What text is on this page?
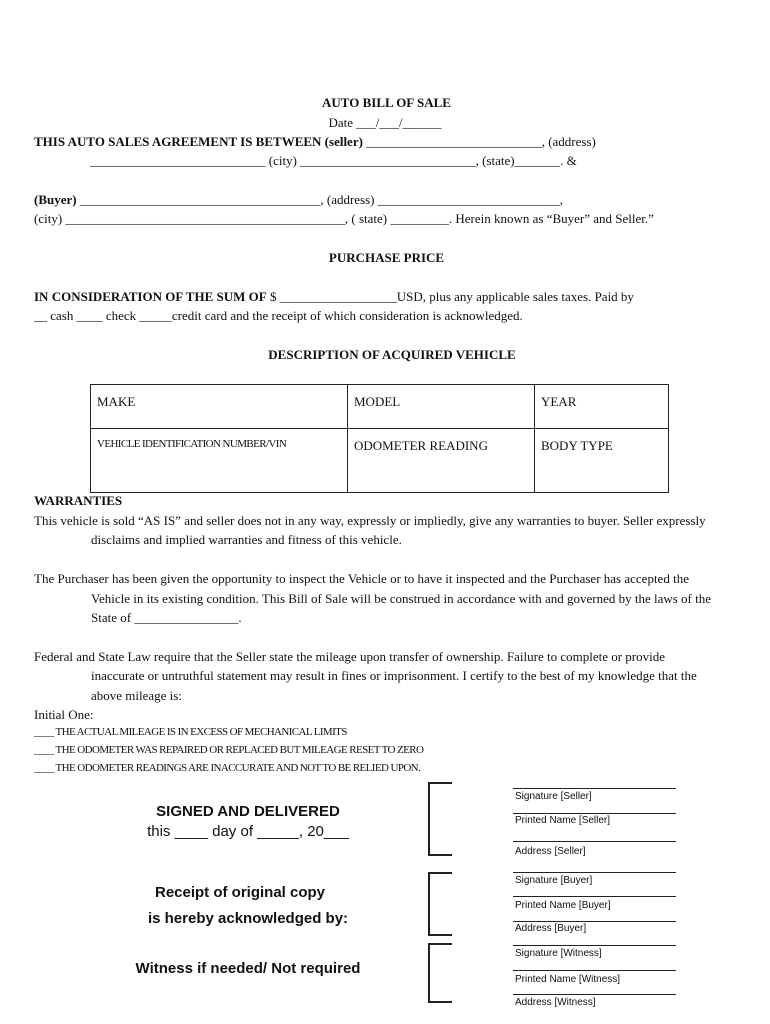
AUTO BILL OF SALE
Date ___/___/______
THIS AUTO SALES AGREEMENT IS BETWEEN (seller) ___________________________, (address)
___________________________ (city) ___________________________, (state)_______. &
(Buyer) _____________________________________, (address) ____________________________,
(city) ___________________________________________, ( state) _________. Herein known as “Buyer” and Seller.”
PURCHASE PRICE
IN CONSIDERATION OF THE SUM OF $ __________________USD, plus any applicable sales taxes. Paid by
__ cash ____ check _____credit card and the receipt of which consideration is acknowledged.
DESCRIPTION OF ACQUIRED VEHICLE
MAKE	MODEL	YEAR
VEHICLE IDENTIFICATION NUMBER/VIN	ODOMETER READING	BODY TYPE
WARRANTIES
This vehicle is sold “AS IS” and seller does not in any way, expressly or impliedly, give any warranties to buyer. Seller expressly
disclaims and implied warranties and fitness of this vehicle.
The Purchaser has been given the opportunity to inspect the Vehicle or to have it inspected and the Purchaser has accepted the
Vehicle in its existing condition. This Bill of Sale will be construed in accordance with and governed by the laws of the
State of ________________.
Federal and State Law require that the Seller state the mileage upon transfer of ownership. Failure to complete or provide
inaccurate or untruthful statement may result in fines or imprisonment. I certify to the best of my knowledge that the
above mileage is:
Initial One:
____ THE ACTUAL MILEAGE IS IN EXCESS OF MECHANICAL LIMITS
____ THE ODOMETER WAS REPAIRED OR REPLACED BUT MILEAGE RESET TO ZERO
____ THE ODOMETER READINGS ARE INACCURATE AND NOT TO BE RELIED UPON.
SIGNED AND DELIVERED
this ____ day of _____, 20___
Receipt of original copy
is hereby acknowledged by:
Witness if needed/ Not required
Signature [Seller]
Printed Name [Seller]
Address [Seller]
Signature [Buyer]
Printed Name [Buyer]
Address [Buyer]
Signature [Witness]
Printed Name [Witness]
Address [Witness]
